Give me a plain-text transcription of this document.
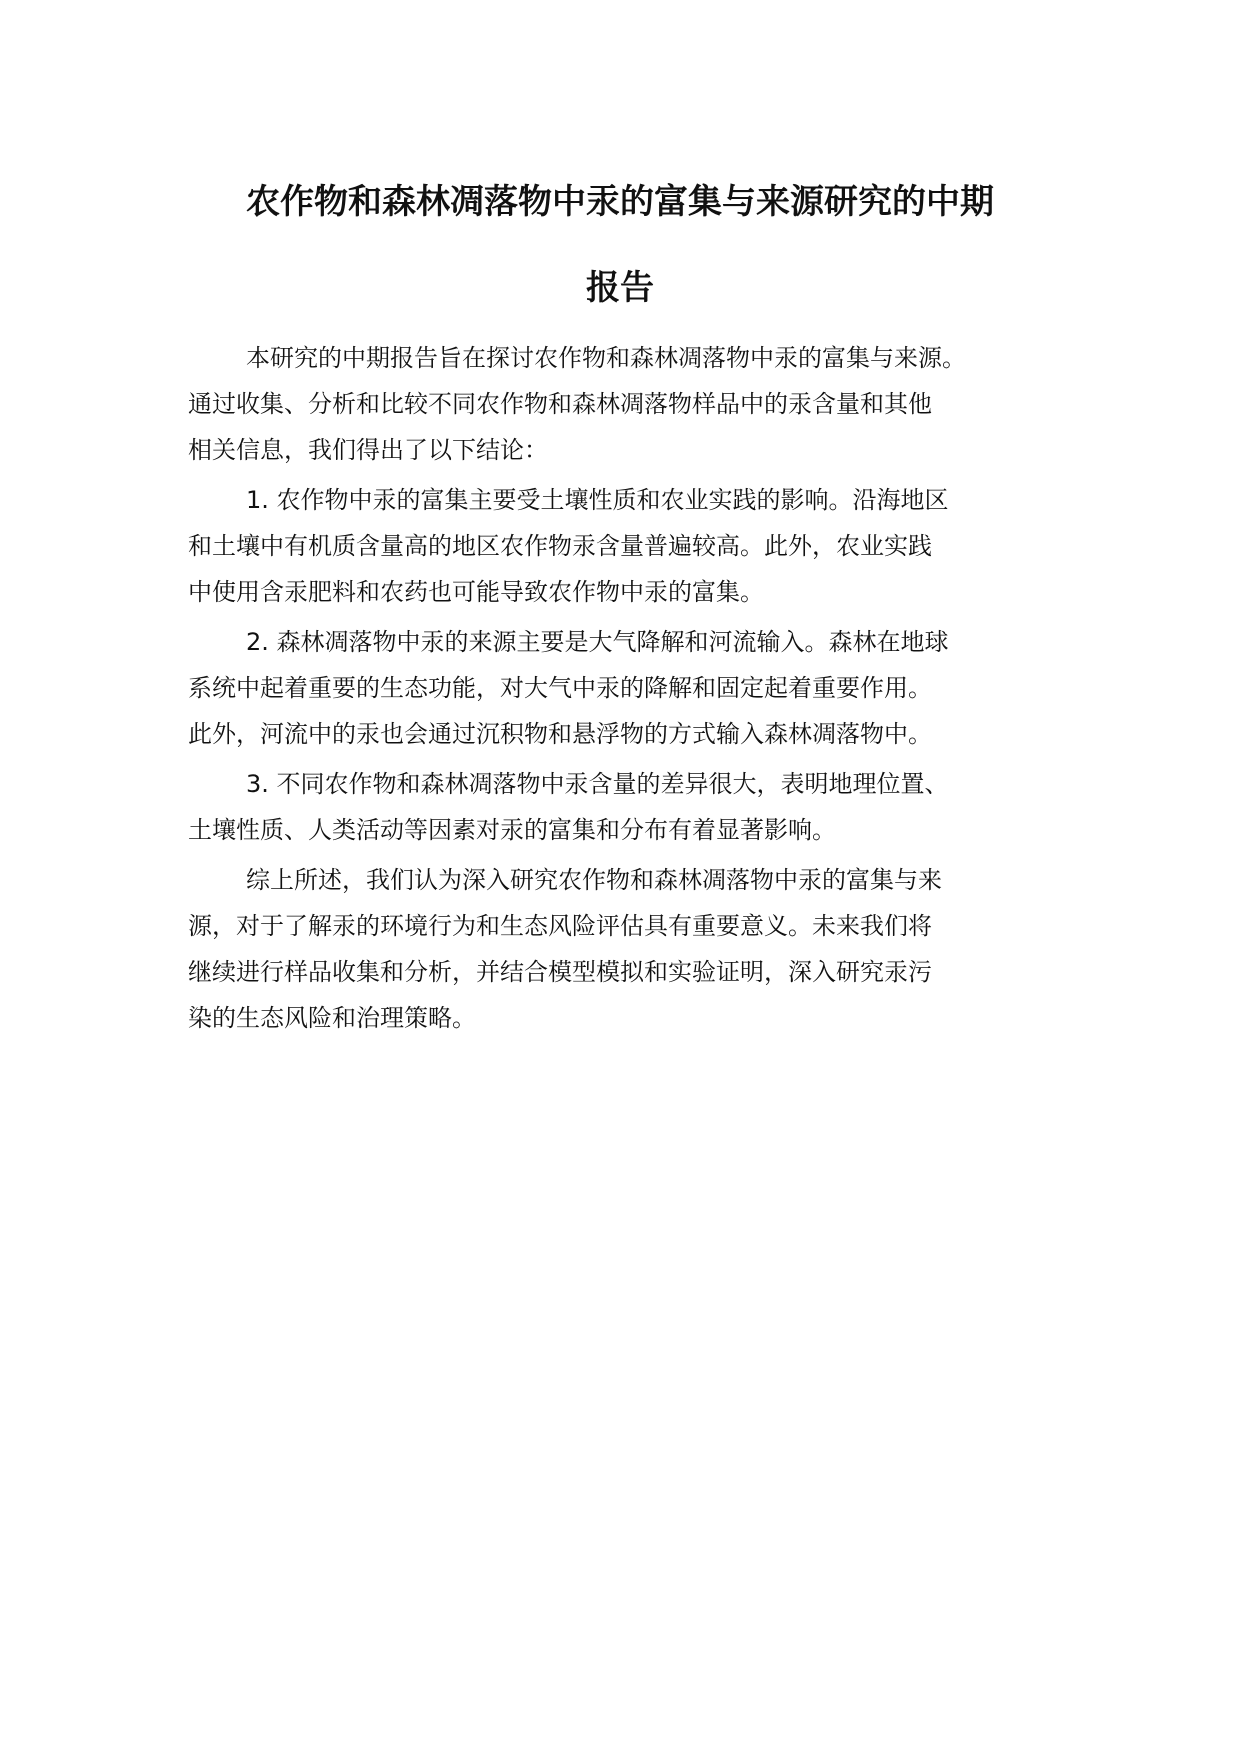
农作物和森林凋落物中汞的富集与来源研究的中期
报告
本研究的中期报告旨在探讨农作物和森林凋落物中汞的富集与来源。
通过收集、分析和比较不同农作物和森林凋落物样品中的汞含量和其他
相关信息，我们得出了以下结论：
1. 农作物中汞的富集主要受土壤性质和农业实践的影响。沿海地区
和土壤中有机质含量高的地区农作物汞含量普遍较高。此外，农业实践
中使用含汞肥料和农药也可能导致农作物中汞的富集。
2. 森林凋落物中汞的来源主要是大气降解和河流输入。森林在地球
系统中起着重要的生态功能，对大气中汞的降解和固定起着重要作用。
此外，河流中的汞也会通过沉积物和悬浮物的方式输入森林凋落物中。
3. 不同农作物和森林凋落物中汞含量的差异很大，表明地理位置、
土壤性质、人类活动等因素对汞的富集和分布有着显著影响。
综上所述，我们认为深入研究农作物和森林凋落物中汞的富集与来
源，对于了解汞的环境行为和生态风险评估具有重要意义。未来我们将
继续进行样品收集和分析，并结合模型模拟和实验证明，深入研究汞污
染的生态风险和治理策略。
